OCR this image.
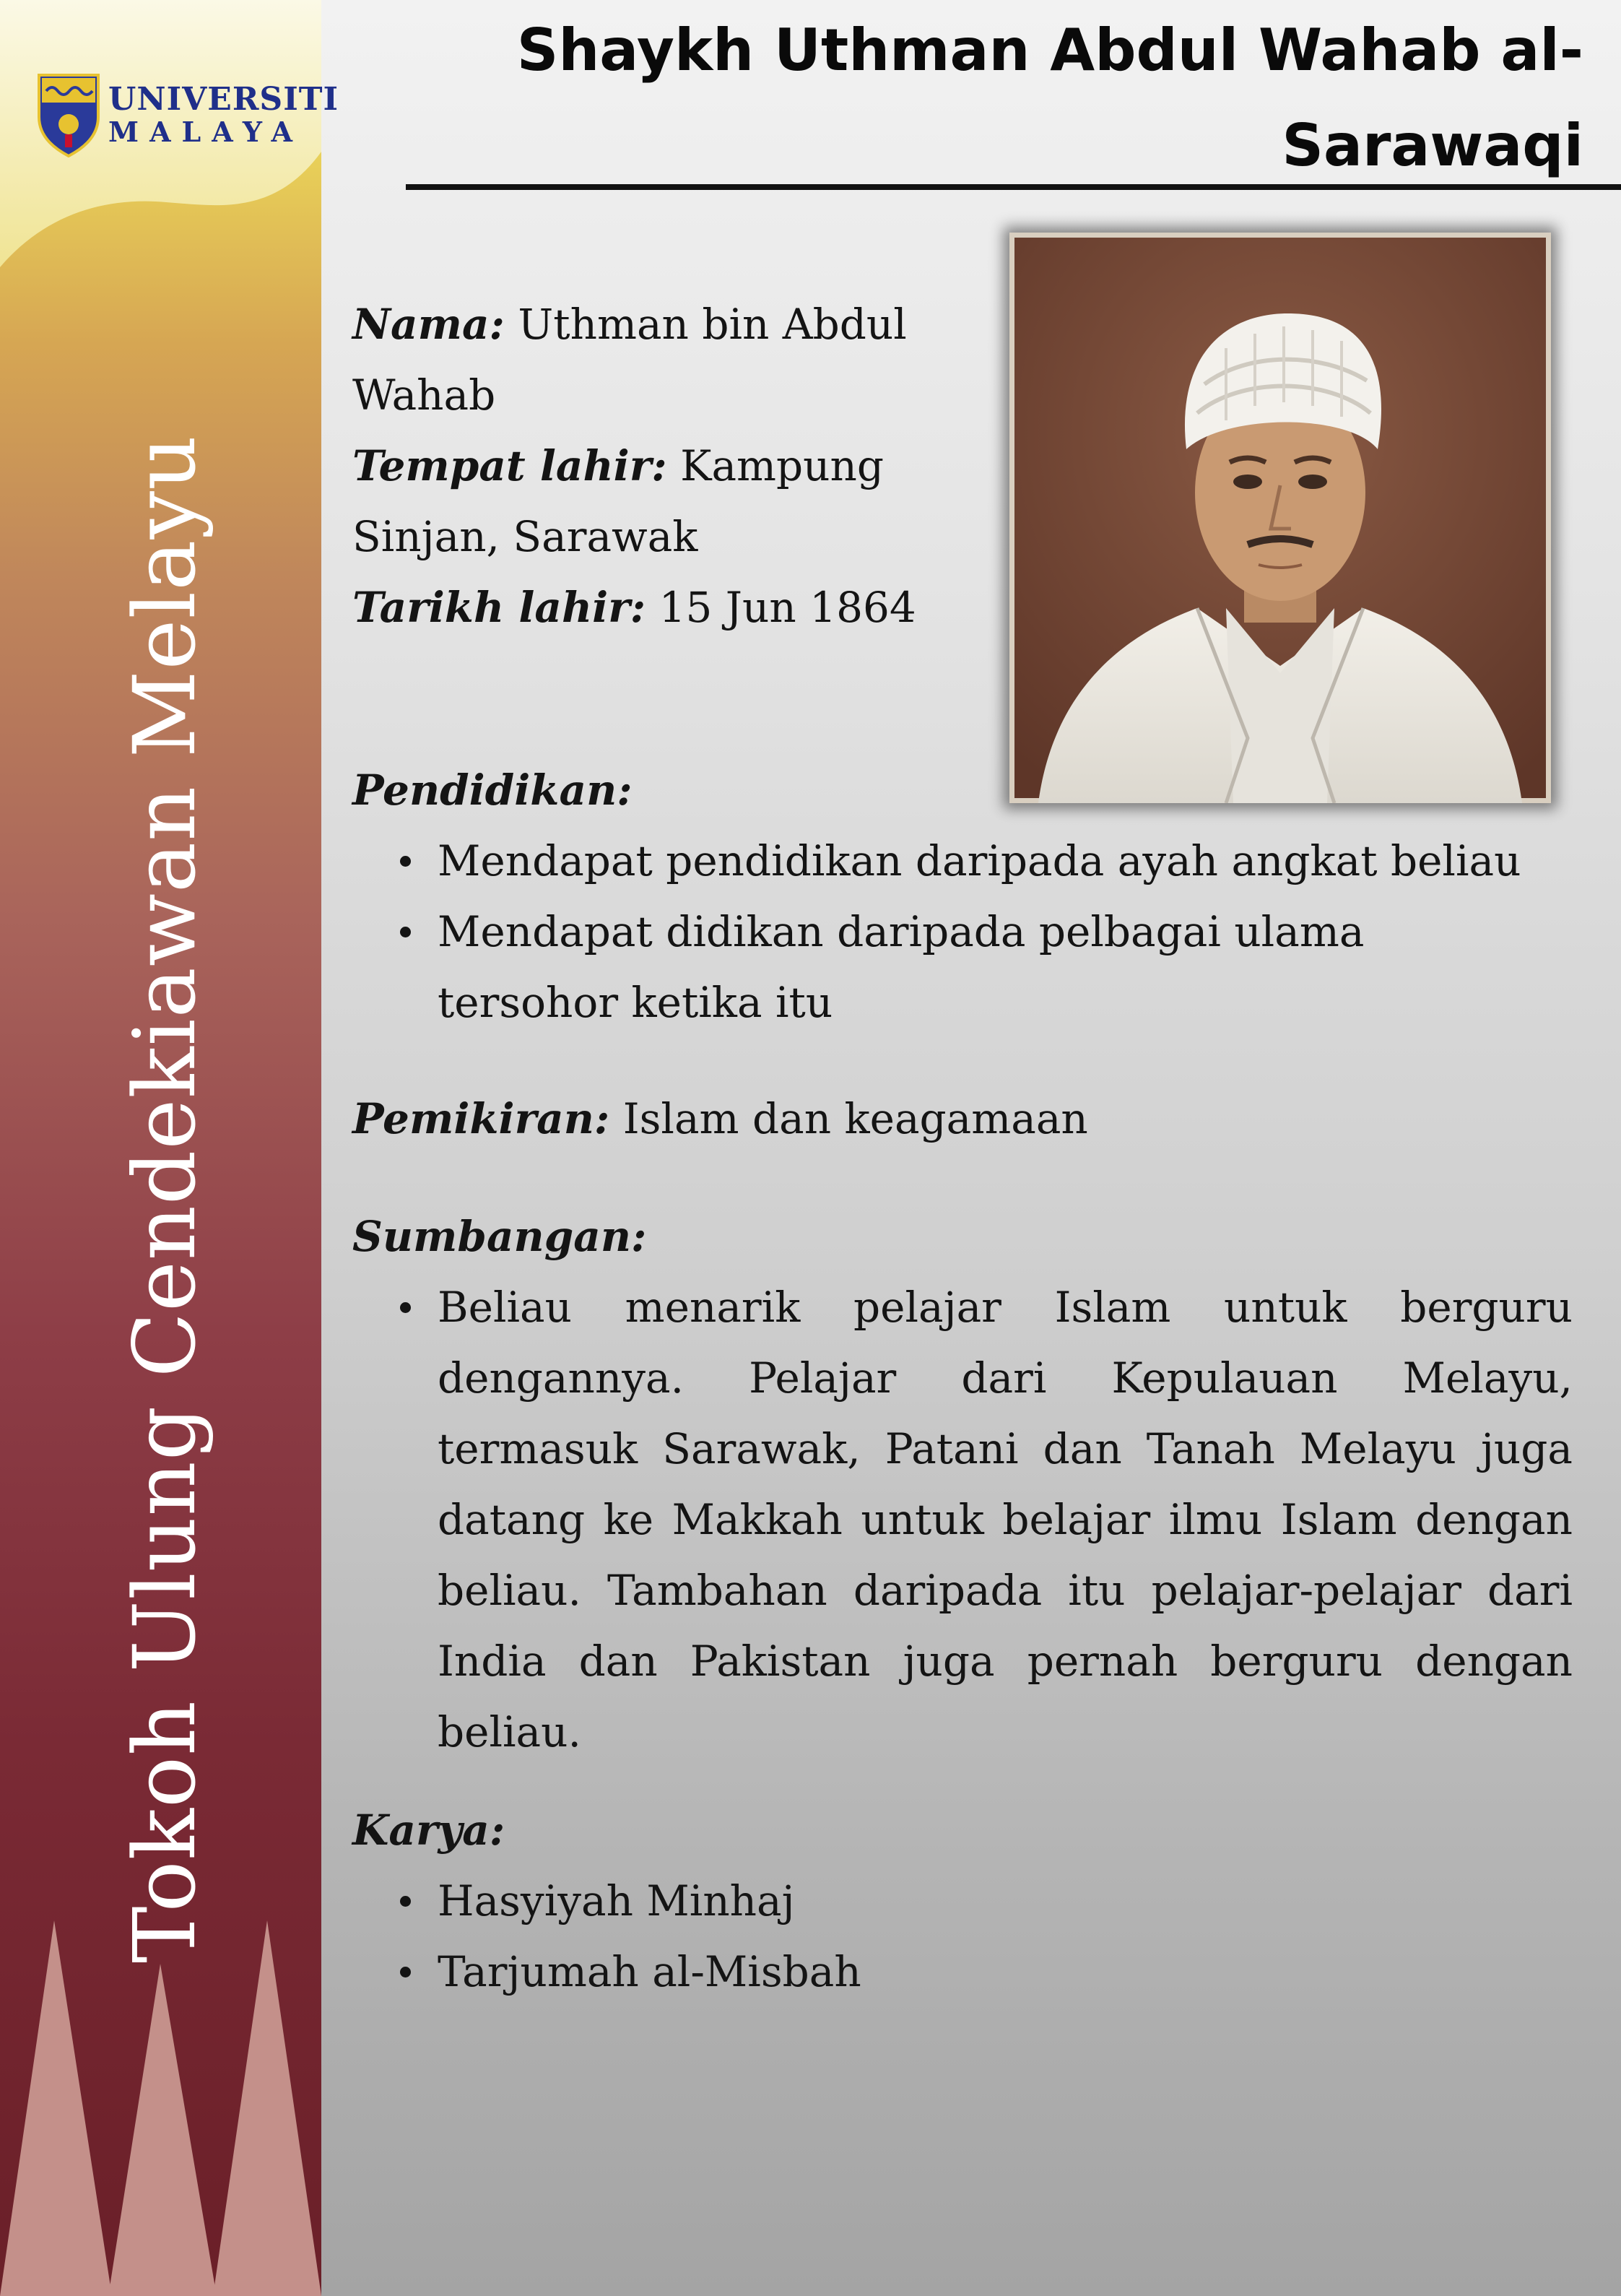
Tokoh Ulung Cendekiawan Melayu
UNIVERSITI
MALAYA
Shaykh Uthman Abdul Wahab al-Sarawaqi

Nama: Uthman bin Abdul Wahab

Tempat lahir: Kampung Sinjan, Sarawak

Tarikh lahir: 15 Jun 1864

Pendidikan:
Mendapat pendidikan daripada ayah angkat beliau
Mendapat didikan daripada pelbagai ulama tersohor ketika itu

Pemikiran: Islam dan keagamaan

Sumbangan:
Beliau menarik pelajar Islam untuk berguru dengannya. Pelajar dari Kepulauan Melayu, termasuk Sarawak, Patani dan Tanah Melayu juga datang ke Makkah untuk belajar ilmu Islam dengan beliau. Tambahan daripada itu pelajar-pelajar dari India dan Pakistan juga pernah berguru dengan beliau.
Karya:
Hasyiyah Minhaj
Tarjumah al-Misbah
